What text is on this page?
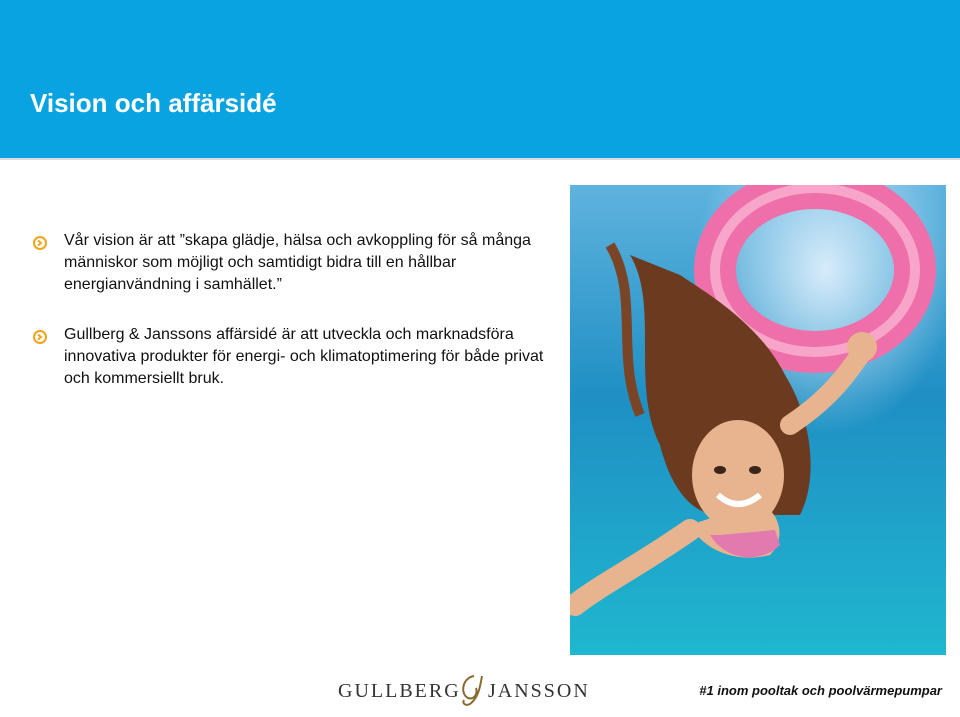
Vision och affärsidé
Vår vision är att ”skapa glädje, hälsa och avkoppling för så många människor som möjligt och samtidigt bidra till en hållbar energianvändning i samhället.”
Gullberg & Janssons affärsidé är att utveckla och marknadsföra innovativa produkter för energi- och klimatoptimering för både privat och kommersiellt bruk.
GULLBERG JANSSON	#1 inom pooltak och poolvärmepumpar
